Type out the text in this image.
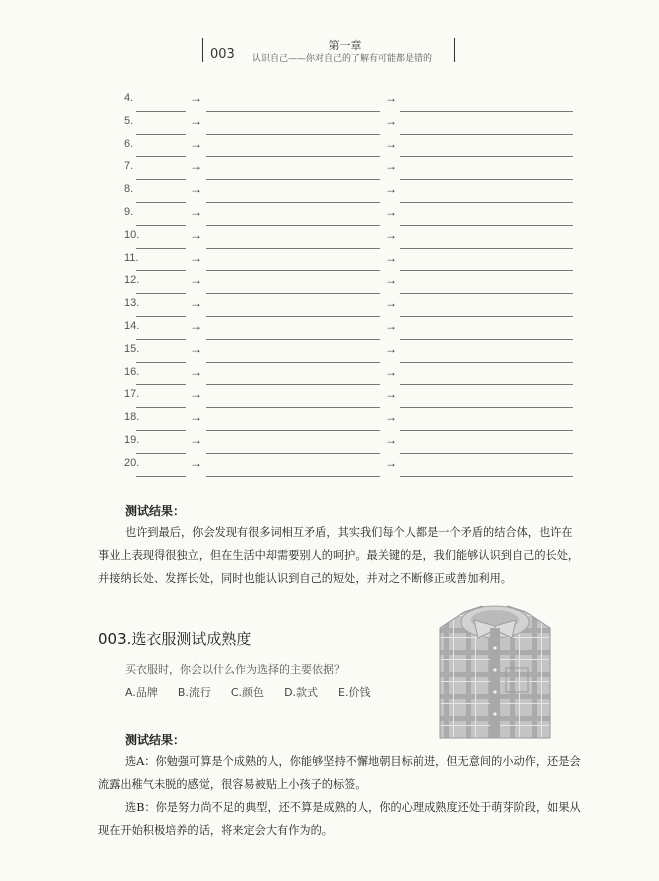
第一章
003 认识自己——你对自己的了解有可能都是错的
4.	→	→
5.	→	→
6.	→	→
7.	→	→
8.	→	→
9.	→	→
10.	→	→
11.	→	→
12.	→	→
13.	→	→
14.	→	→
15.	→	→
16.	→	→
17.	→	→
18.	→	→
19.	→	→
20.	→	→
测试结果：
也许到最后，你会发现有很多词相互矛盾，其实我们每个人都是一个矛盾的结合体，也许在事业上表现得很独立，但在生活中却需要别人的呵护。最关键的是，我们能够认识到自己的长处，并接纳长处、发挥长处，同时也能认识到自己的短处，并对之不断修正或善加利用。
003.选衣服测试成熟度
买衣服时，你会以什么作为选择的主要依据？
A.品牌 B.流行 C.颜色 D.款式 E.价钱
测试结果：
选A：你勉强可算是个成熟的人，你能够坚持不懈地朝目标前进，但无意间的小动作，还是会流露出稚气未脱的感觉，很容易被贴上小孩子的标签。
选B：你是努力尚不足的典型，还不算是成熟的人，你的心理成熟度还处于萌芽阶段，如果从现在开始积极培养的话，将来定会大有作为的。
